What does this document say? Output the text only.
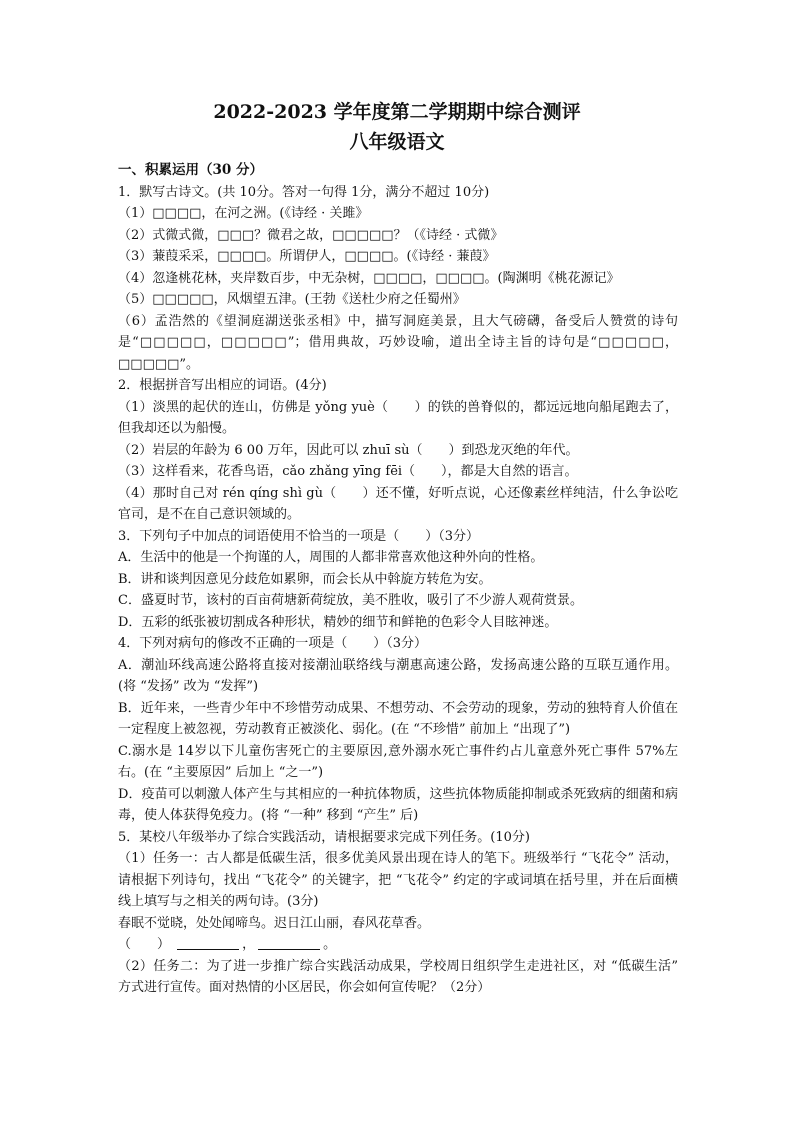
2022-2023 学年度第二学期期中综合测评
八年级语文

一、积累运用（30 分）

1．默写古诗文。(共 10分。答对一句得 1分，满分不超过 10分)

（1）□□□□，在河之洲。(《诗经 · 关雎》

（2）式微式微，□□□？微君之故，□□□□□？（《诗经 · 式微》

（3）蒹葭采采，□□□□。所谓伊人，□□□□。(《诗经 · 蒹葭》

（4）忽逢桃花林，夹岸数百步，中无杂树，□□□□，□□□□。(陶渊明《桃花源记》

（5）□□□□□，风烟望五津。(王勃《送杜少府之任蜀州》

（6）孟浩然的《望洞庭湖送张丞相》中，描写洞庭美景，且大气磅礴，备受后人赞赏的诗句是“□□□□□，□□□□□”；借用典故，巧妙设喻，道出全诗主旨的诗句是“□□□□□，□□□□□”。

2．根据拼音写出相应的词语。(4分)

（1）淡黑的起伏的连山，仿佛是 yǒng yuè（　　）的铁的兽脊似的，都远远地向船尾跑去了，但我却还以为船慢。

（2）岩层的年龄为 6 00 万年，因此可以 zhuī sù（　　）到恐龙灭绝的年代。

（3）这样看来，花香鸟语，cǎo zhǎng yīng fēi（　　），都是大自然的语言。

（4）那时自己对 rén qíng shì gù（　　）还不懂，好听点说，心还像素丝样纯洁，什么争讼吃官司，是不在自己意识领域的。

3．下列句子中加点的词语使用不恰当的一项是（　　）（3分）

A．生活中的他是一个拘谨的人，周围的人都非常喜欢他这种外向的性格。

B．讲和谈判因意见分歧危如累卵，而会长从中斡旋方转危为安。

C．盛夏时节，该村的百亩荷塘新荷绽放，美不胜收，吸引了不少游人观荷赏景。

D．五彩的纸张被切割成各种形状，精妙的细节和鲜艳的色彩令人目眩神迷。

4．下列对病句的修改不正确的一项是（　　）（3分）

A．潮汕环线高速公路将直接对接潮汕联络线与潮惠高速公路，发扬高速公路的互联互通作用。(将 “发扬” 改为 “发挥”)

B．近年来，一些青少年中不珍惜劳动成果、不想劳动、不会劳动的现象，劳动的独特育人价值在一定程度上被忽视，劳动教育正被淡化、弱化。(在 “不珍惜” 前加上 “出现了”)

C.溺水是 14岁以下儿童伤害死亡的主要原因,意外溺水死亡事件约占儿童意外死亡事件 57%左右。(在 “主要原因” 后加上 “之一”)

D．疫苗可以刺激人体产生与其相应的一种抗体物质，这些抗体物质能抑制或杀死致病的细菌和病毒，使人体获得免疫力。(将 “一种” 移到 “产生” 后)

5．某校八年级举办了综合实践活动，请根据要求完成下列任务。(10分)

（1）任务一：古人都是低碳生活，很多优美风景出现在诗人的笔下。班级举行 “飞花令” 活动，请根据下列诗句，找出 “飞花令” 的关键字，把 “飞花令” 约定的字或词填在括号里，并在后面横线上填写与之相关的两句诗。(3分)

春眠不觉晓，处处闻啼鸟。迟日江山丽，春风花草香。

（　　）	，	。

（2）任务二：为了进一步推广综合实践活动成果，学校周日组织学生走进社区，对 “低碳生活” 方式进行宣传。面对热情的小区居民，你会如何宣传呢？（2分）
